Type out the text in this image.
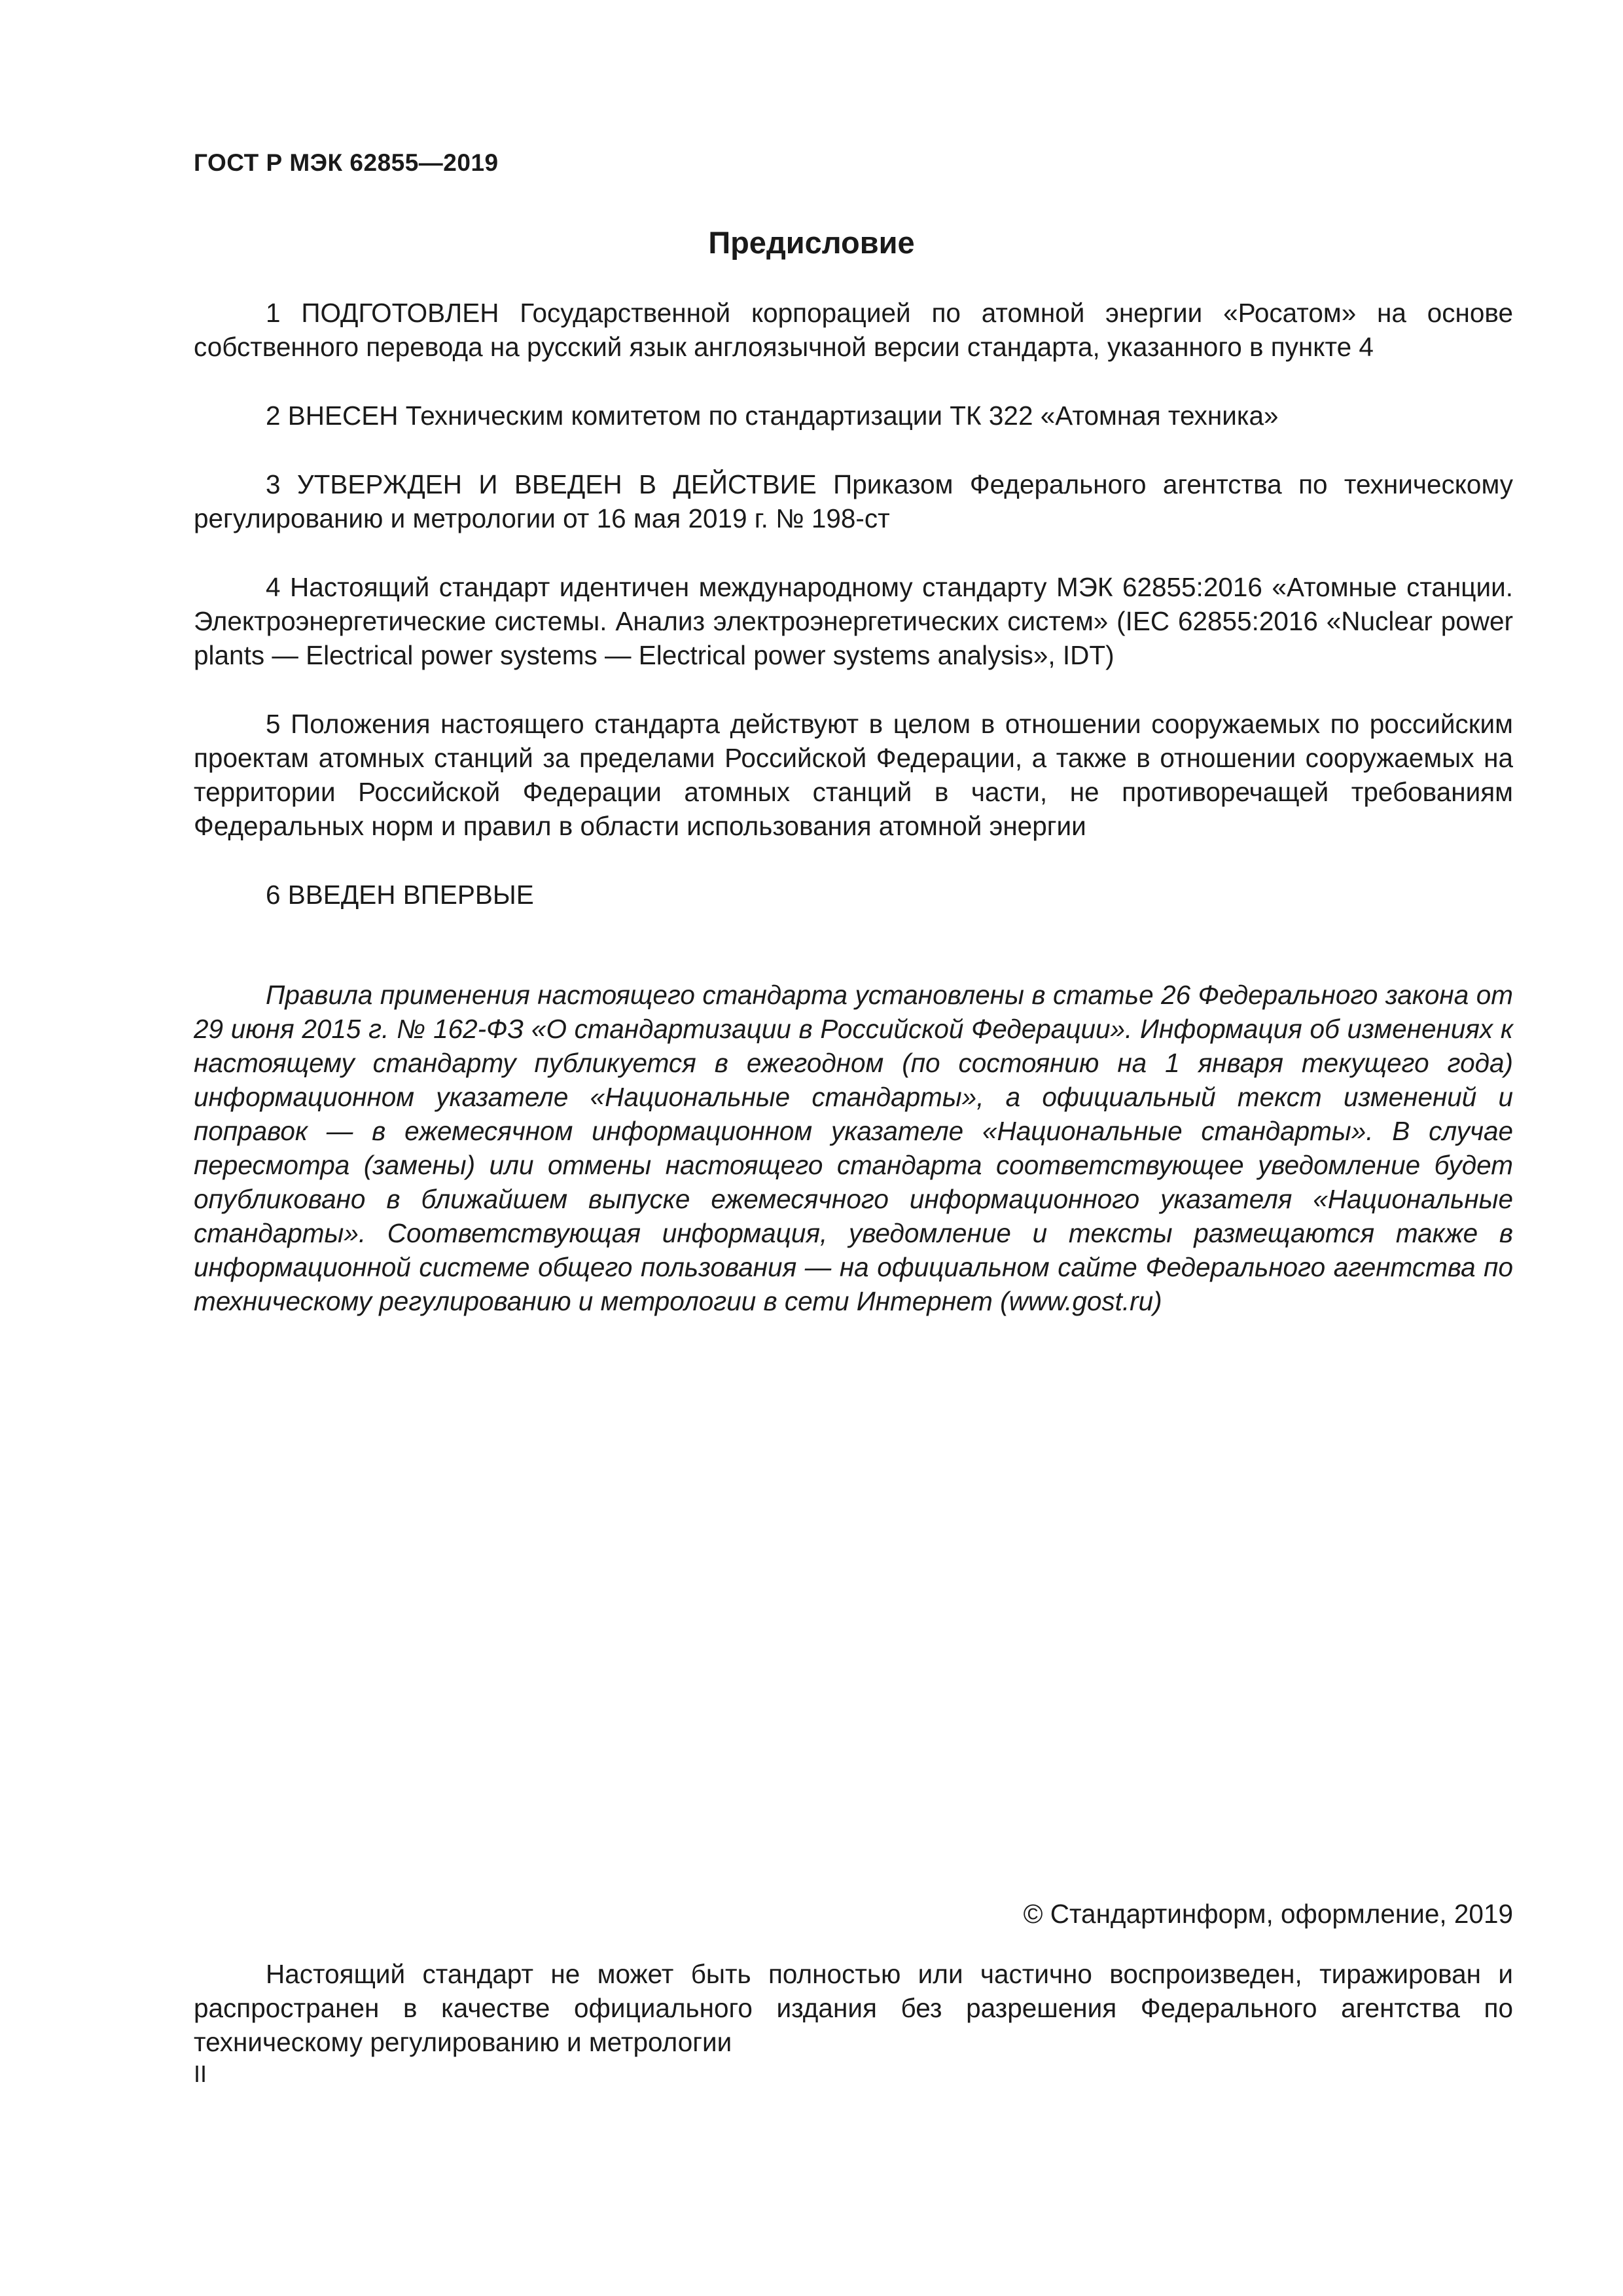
ГОСТ Р МЭК 62855—2019
Предисловие

1 ПОДГОТОВЛЕН Государственной корпорацией по атомной энергии «Росатом» на основе собственного перевода на русский язык англоязычной версии стандарта, указанного в пункте 4

2 ВНЕСЕН Техническим комитетом по стандартизации ТК 322 «Атомная техника»

3 УТВЕРЖДЕН И ВВЕДЕН В ДЕЙСТВИЕ Приказом Федерального агентства по техническому регулированию и метрологии от 16 мая 2019 г. № 198-ст

4 Настоящий стандарт идентичен международному стандарту МЭК 62855:2016 «Атомные станции. Электроэнергетические системы. Анализ электроэнергетических систем» (IEC 62855:2016 «Nuclear power plants — Electrical power systems — Electrical power systems analysis», IDT)

5 Положения настоящего стандарта действуют в целом в отношении сооружаемых по российским проектам атомных станций за пределами Российской Федерации, а также в отношении сооружаемых на территории Российской Федерации атомных станций в части, не противоречащей требованиям Федеральных норм и правил в области использования атомной энергии

6 ВВЕДЕН ВПЕРВЫЕ

Правила применения настоящего стандарта установлены в статье 26 Федерального закона от 29 июня 2015 г. № 162-ФЗ «О стандартизации в Российской Федерации». Информация об изменениях к настоящему стандарту публикуется в ежегодном (по состоянию на 1 января текущего года) информационном указателе «Национальные стандарты», а официальный текст изменений и поправок — в ежемесячном информационном указателе «Национальные стандарты». В случае пересмотра (замены) или отмены настоящего стандарта соответствующее уведомление будет опубликовано в ближайшем выпуске ежемесячного информационного указателя «Национальные стандарты». Соответствующая информация, уведомление и тексты размещаются также в информационной системе общего пользования — на официальном сайте Федерального агентства по техническому регулированию и метрологии в сети Интернет (www.gost.ru)
© Стандартинформ, оформление, 2019
Настоящий стандарт не может быть полностью или частично воспроизведен, тиражирован и распространен в качестве официального издания без разрешения Федерального агентства по техническому регулированию и метрологии
II
